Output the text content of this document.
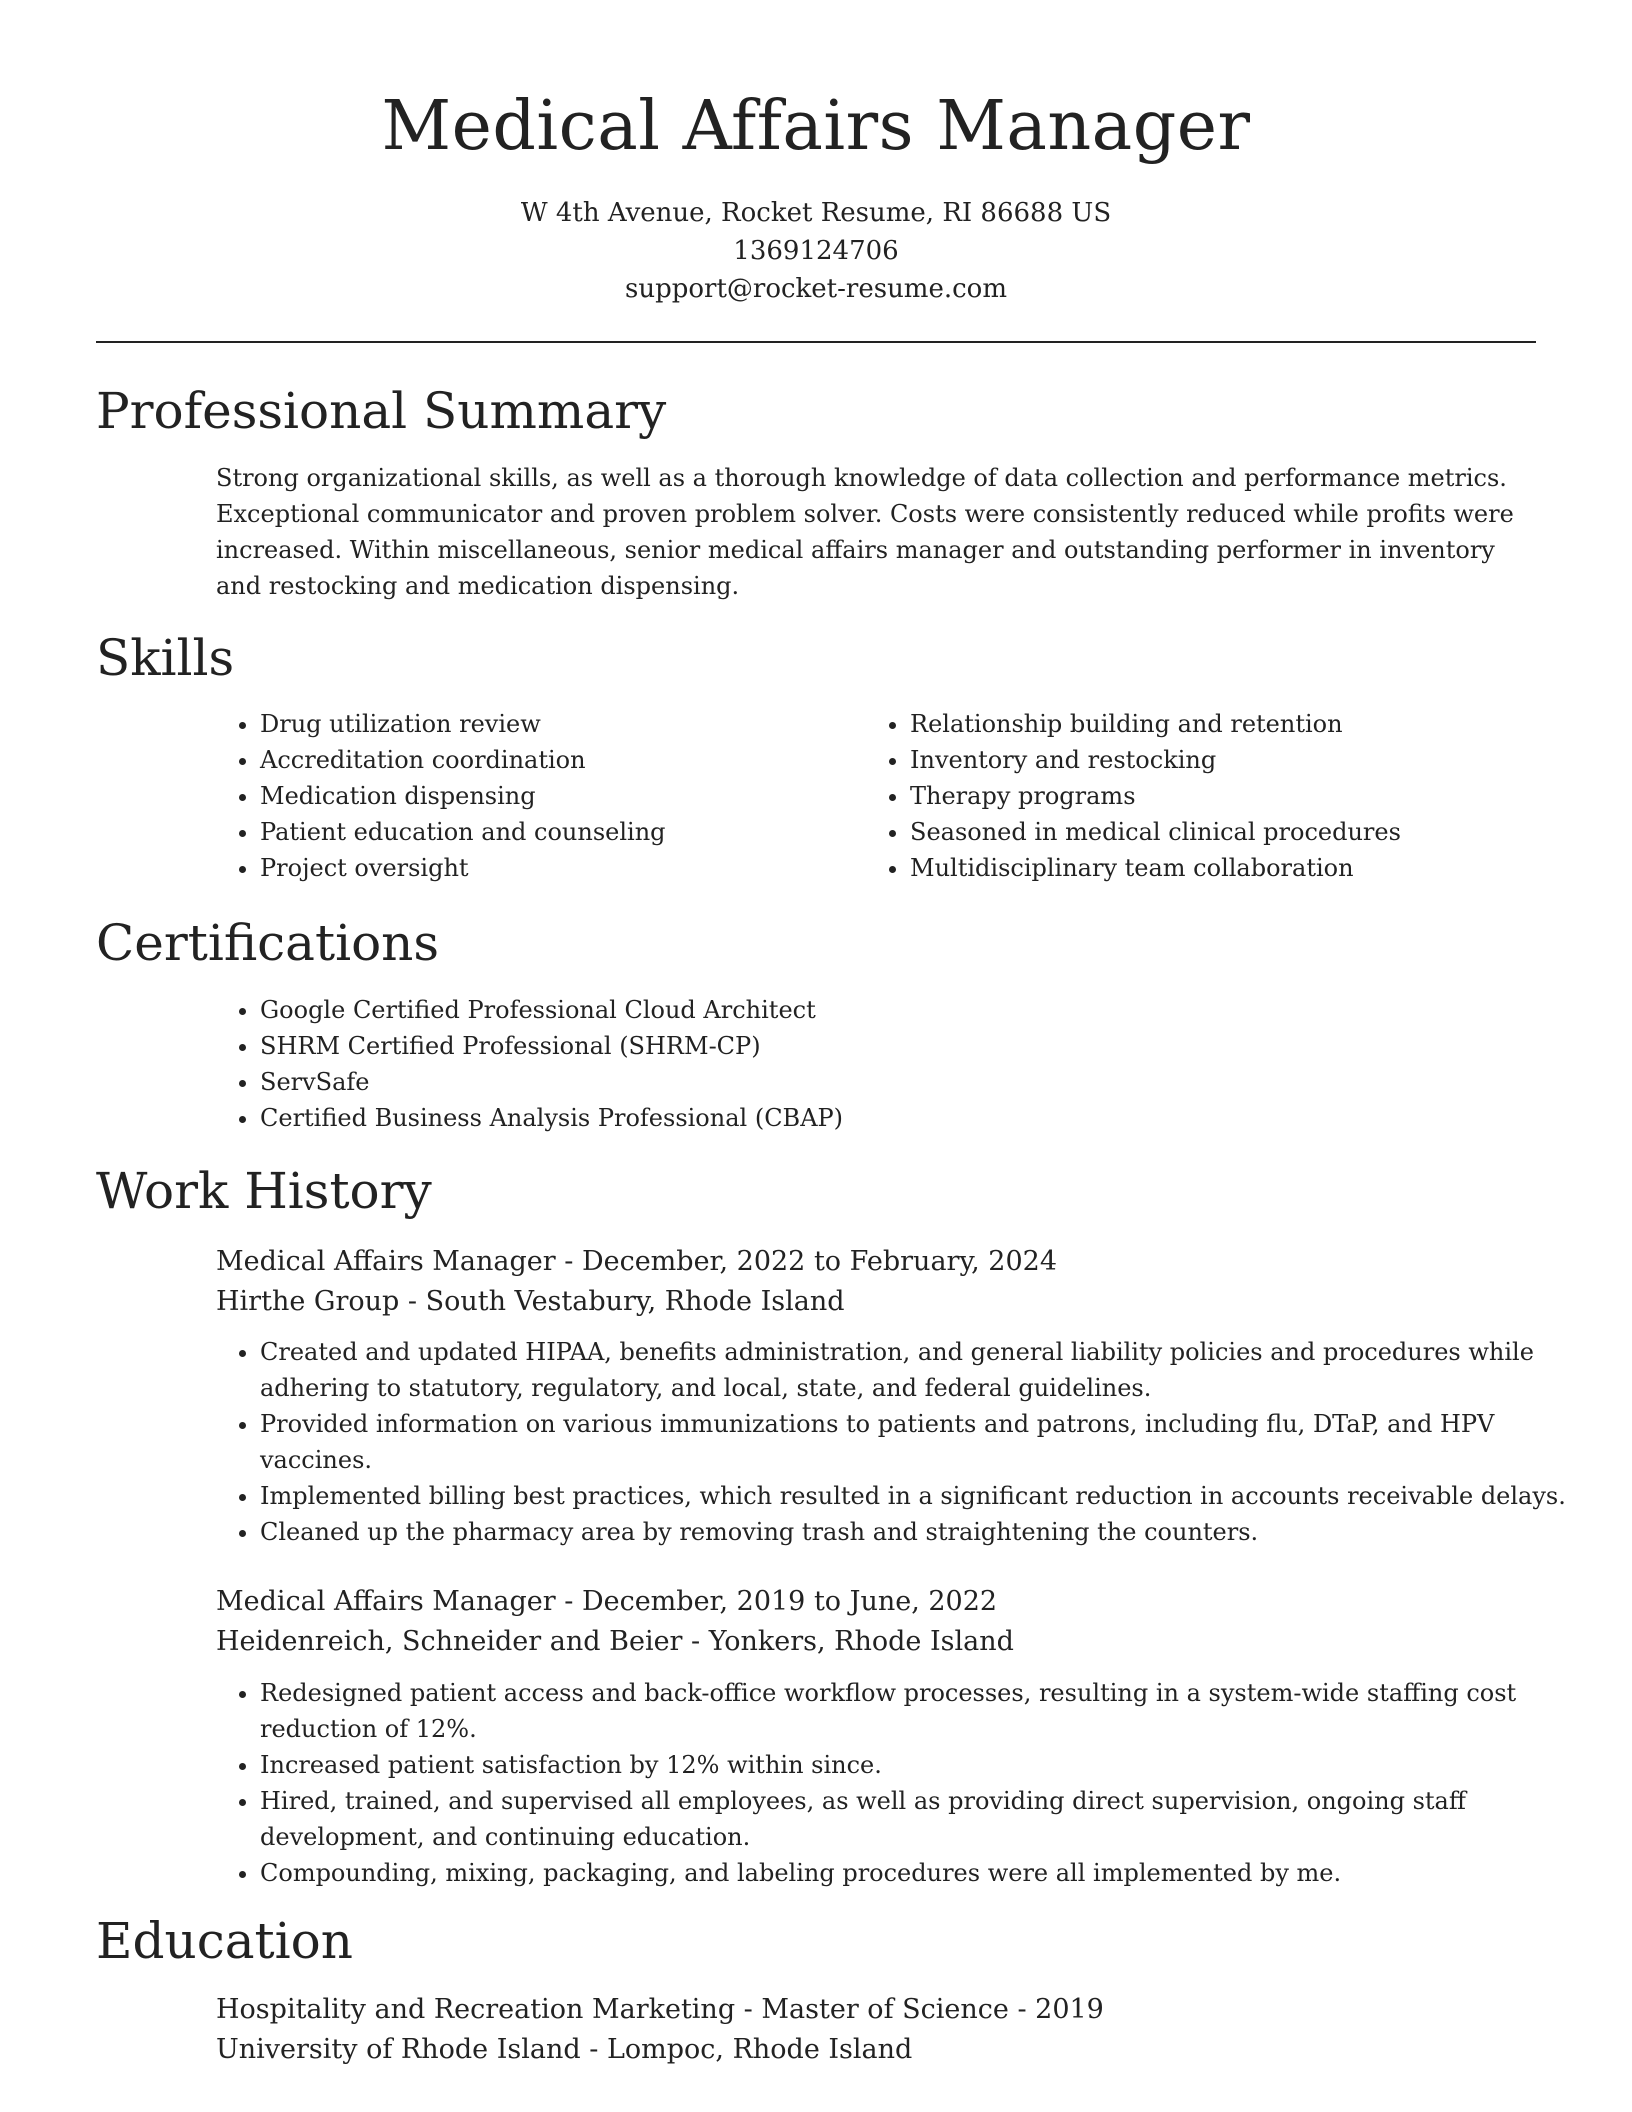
Medical Affairs Manager
W 4th Avenue, Rocket Resume, RI 86688 US
1369124706
support@rocket-resume.com
Professional Summary
Strong organizational skills, as well as a thorough knowledge of data collection and performance metrics. Exceptional communicator and proven problem solver. Costs were consistently reduced while profits were increased. Within miscellaneous, senior medical affairs manager and outstanding performer in inventory and restocking and medication dispensing.
Skills
• Drug utilization review
• Accreditation coordination
• Medication dispensing
• Patient education and counseling
• Project oversight
• Relationship building and retention
• Inventory and restocking
• Therapy programs
• Seasoned in medical clinical procedures
• Multidisciplinary team collaboration
Certifications
• Google Certified Professional Cloud Architect
• SHRM Certified Professional (SHRM-CP)
• ServSafe
• Certified Business Analysis Professional (CBAP)
Work History
Medical Affairs Manager - December, 2022 to February, 2024
Hirthe Group - South Vestabury, Rhode Island
• Created and updated HIPAA, benefits administration, and general liability policies and procedures while adhering to statutory, regulatory, and local, state, and federal guidelines.
• Provided information on various immunizations to patients and patrons, including flu, DTaP, and HPV vaccines.
• Implemented billing best practices, which resulted in a significant reduction in accounts receivable delays.
• Cleaned up the pharmacy area by removing trash and straightening the counters.
Medical Affairs Manager - December, 2019 to June, 2022
Heidenreich, Schneider and Beier - Yonkers, Rhode Island
• Redesigned patient access and back-office workflow processes, resulting in a system-wide staffing cost reduction of 12%.
• Increased patient satisfaction by 12% within since.
• Hired, trained, and supervised all employees, as well as providing direct supervision, ongoing staff development, and continuing education.
• Compounding, mixing, packaging, and labeling procedures were all implemented by me.
Education
Hospitality and Recreation Marketing - Master of Science - 2019
University of Rhode Island - Lompoc, Rhode Island
